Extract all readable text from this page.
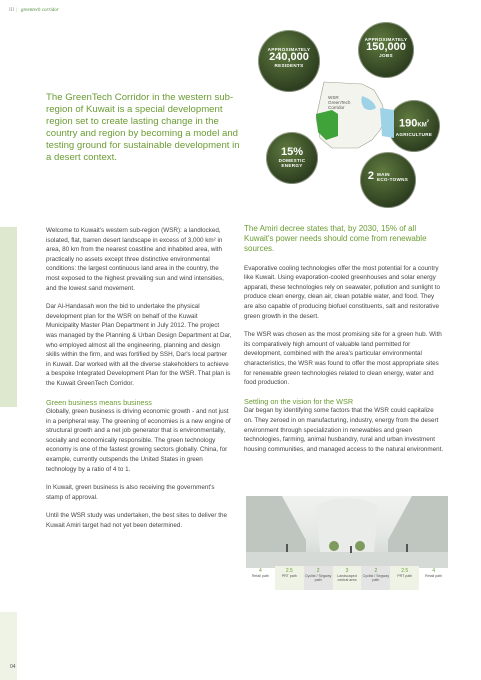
III | greentech corridor
The GreenTech Corridor in the western sub-region of Kuwait is a special development region set to create lasting change in the country and region by becoming a model and testing ground for sustainable development in a desert context.
APPROXIMATELY
240,000
RESIDENTS
APPROXIMATELY
150,000
JOBS
$190KM^2$
AGRICULTURE
15%
DOMESTIC
ENERGY
2 MAIN
ECO-TOWNS
WSR
GreenTech
Corridor

Welcome to Kuwait's western sub-region (WSR): a landlocked, isolated, flat, barren desert landscape in excess of 3,000 km² in area, 80 km from the nearest coastline and inhabited area, with practically no assets except three distinctive environmental conditions: the largest continuous land area in the country, the most exposed to the highest prevailing sun and wind intensities, and the lowest sand movement.

Dar Al-Handasah won the bid to undertake the physical development plan for the WSR on behalf of the Kuwait Municipality Master Plan Department in July 2012. The project was managed by the Planning & Urban Design Department at Dar, who employed almost all the engineering, planning and design skills within the firm, and was fortified by SSH, Dar's local partner in Kuwait. Dar worked with all the diverse stakeholders to achieve a bespoke Integrated Development Plan for the WSR. That plan is the Kuwait GreenTech Corridor.

Green business means business

Globally, green business is driving economic growth - and not just in a peripheral way. The greening of economies is a new engine of structural growth and a net job generator that is environmentally, socially and economically responsible. The green technology economy is one of the fastest growing sectors globally. China, for example, currently outspends the United States in green technology by a ratio of 4 to 1.

In Kuwait, green business is also receiving the government's stamp of approval.

Until the WSR study was undertaken, the best sites to deliver the Kuwait Amiri target had not yet been determined.

The Amiri decree states that, by 2030, 15% of all Kuwait's power needs should come from renewable sources.

Evaporative cooling technologies offer the most potential for a country like Kuwait. Using evaporation-cooled greenhouses and solar energy apparati, these technologies rely on seawater, pollution and sunlight to produce clean energy, clean air, clean potable water, and food. They are also capable of producing biofuel constituents, salt and restorative green growth in the desert.

The WSR was chosen as the most promising site for a green hub. With its comparatively high amount of valuable land permitted for development, combined with the area's particular environmental characteristics, the WSR was found to offer the most appropriate sites for renewable green technologies related to clean energy, water and food production.

Settling on the vision for the WSR

Dar began by identifying some factors that the WSR could capitalize on. They zeroed in on manufacturing, industry, energy from the desert environment through specialization in renewables and green technologies, farming, animal husbandry, rural and urban investment housing communities, and managed access to the natural environment.

4
Retail path
2.5
PRT path
2
Cyclist / Segway path
3
Landscaped central area
2
Cyclist / Segway path
2.5
PRT path
4
Retail path
04
